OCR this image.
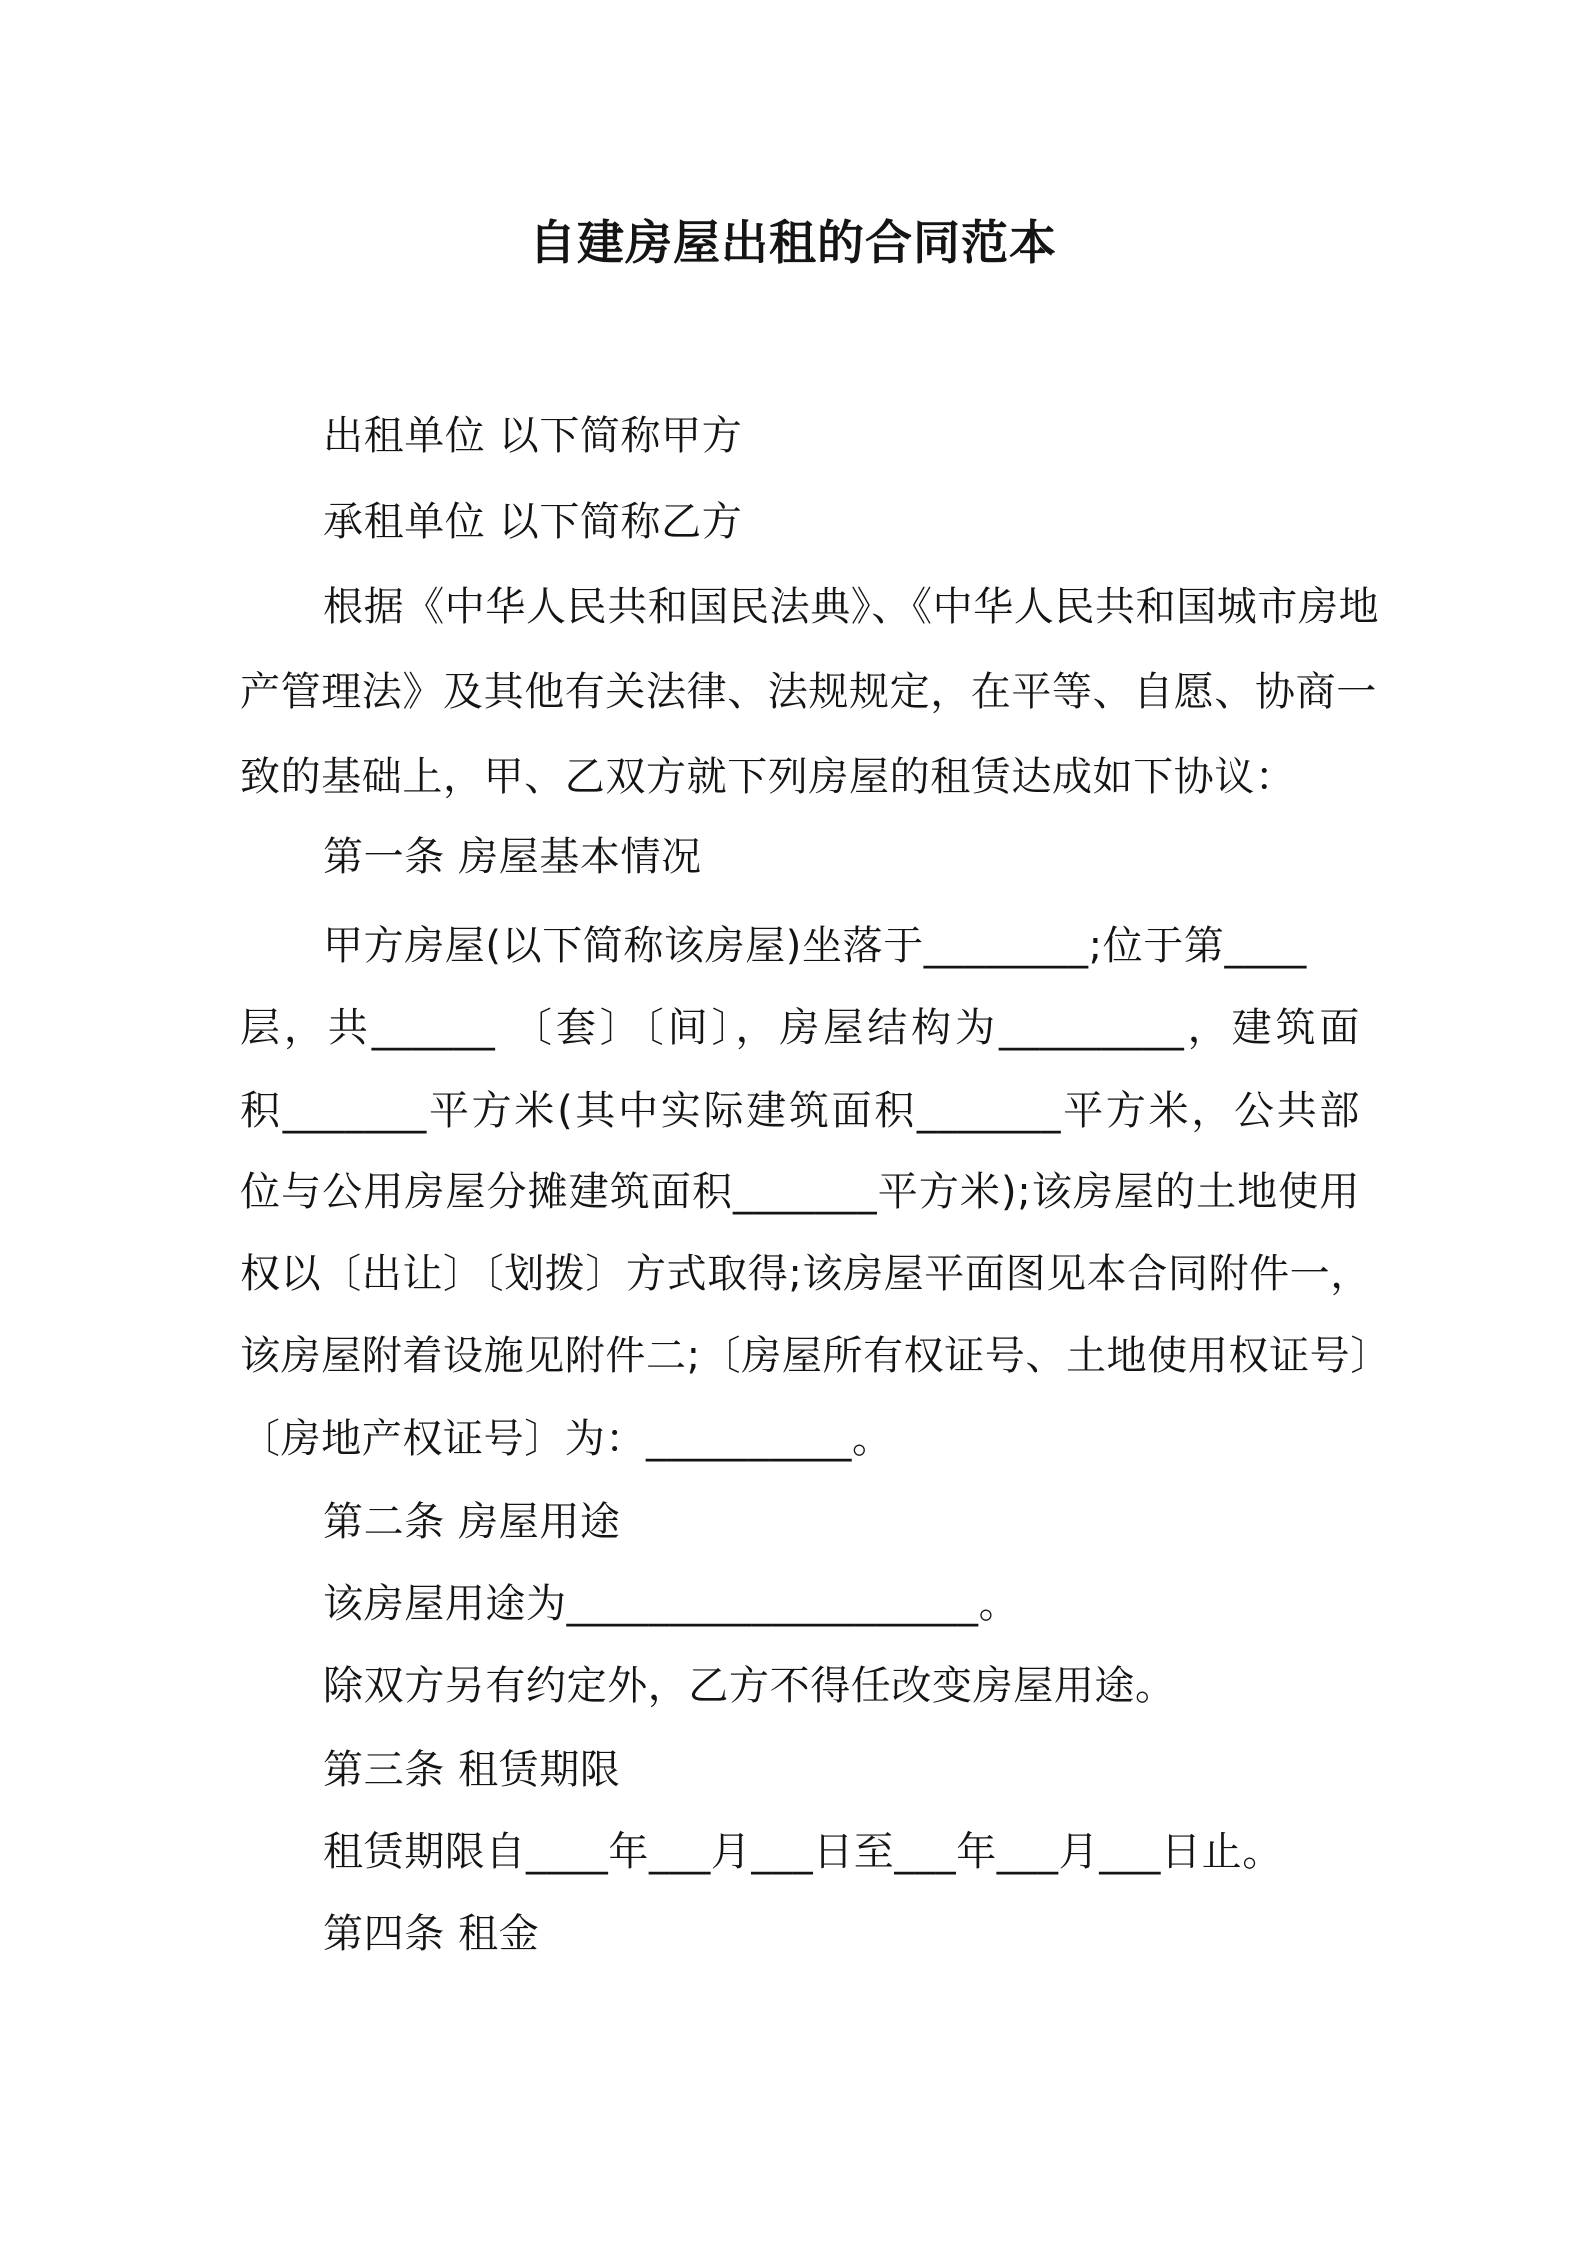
自建房屋出租的合同范本
出租单位 以下简称甲方
承租单位 以下简称乙方
根据《中华人民共和国民法典》、《中华人民共和国城市房地
产管理法》及其他有关法律、法规规定，在平等、自愿、协商一
致的基础上，甲、乙双方就下列房屋的租赁达成如下协议：
第一条 房屋基本情况
甲方房屋(以下简称该房屋)坐落于________;位于第____
层，共______ 〔套〕〔间〕，房屋结构为_________，建筑面
积_______平方米(其中实际建筑面积_______平方米，公共部
位与公用房屋分摊建筑面积_______平方米);该房屋的土地使用
权以〔出让〕〔划拨〕方式取得;该房屋平面图见本合同附件一，
该房屋附着设施见附件二;〔房屋所有权证号、土地使用权证号〕
〔房地产权证号〕为：__________。
第二条 房屋用途
该房屋用途为____________________。
除双方另有约定外，乙方不得任改变房屋用途。
第三条 租赁期限
租赁期限自____年___月___日至___年___月___日止。
第四条 租金
